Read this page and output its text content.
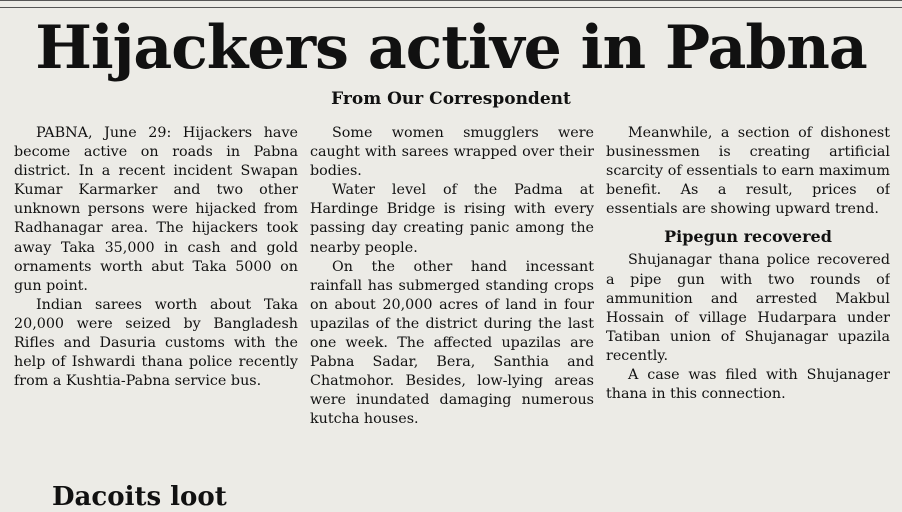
Hijackers active in Pabna
From Our Correspondent

PABNA, June 29: Hijackers have become active on roads in Pabna district. In a recent incident Swapan Kumar Karmarker and two other unknown persons were hijacked from Radhanagar area. The hijackers took away Taka 35,000 in cash and gold ornaments worth abut Taka 5000 on gun point.

Indian sarees worth about Taka 20,000 were seized by Bangladesh Rifles and Dasuria customs with the help of Ishwardi thana police recently from a Kushtia-Pabna service bus.

Some women smugglers were caught with sarees wrapped over their bodies.

Water level of the Padma at Hardinge Bridge is rising with every passing day creating panic among the nearby people.

On the other hand incessant rainfall has submerged standing crops on about 20,000 acres of land in four upazilas of the district during the last one week. The affected upazilas are Pabna Sadar, Bera, Santhia and Chatmohor. Besides, low-lying areas were inundated damaging numerous kutcha houses.

Meanwhile, a section of dishonest businessmen is creating artificial scarcity of essentials to earn maximum benefit. As a result, prices of essentials are showing upward trend.

Pipegun recovered

Shujanagar thana police recovered a pipe gun with two rounds of ammunition and arrested Makbul Hossain of village Hudarpara under Tatiban union of Shujanagar upazila recently.

A case was filed with Shujanager thana in this connection.

Dacoits loot
